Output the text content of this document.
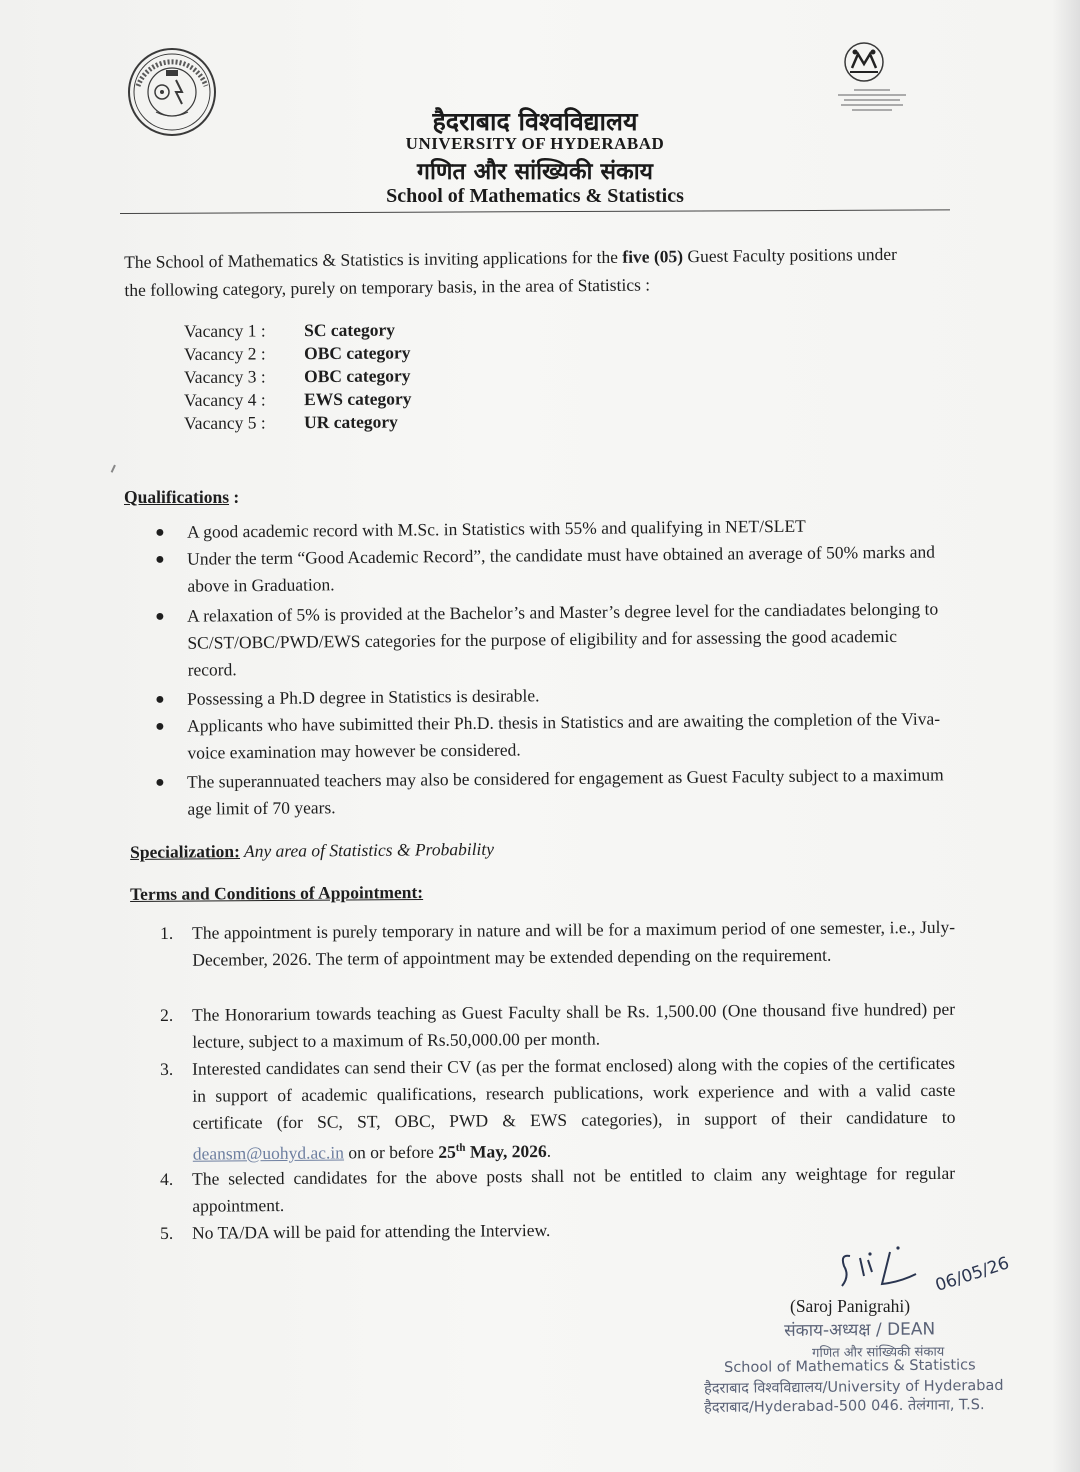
हैदराबाद विश्वविद्यालय
UNIVERSITY OF HYDERABAD
गणित और सांख्यिकी संकाय
School of Mathematics & Statistics
The School of Mathematics & Statistics is inviting applications for the five (05) Guest Faculty positions under the following category, purely on temporary basis, in the area of Statistics :
Vacancy 1 : SC category
Vacancy 2 : OBC category
Vacancy 3 : OBC category
Vacancy 4 : EWS category
Vacancy 5 : UR category
Qualifications :
● A good academic record with M.Sc. in Statistics with 55% and qualifying in NET/SLET
● Under the term “Good Academic Record”, the candidate must have obtained an average of 50% marks and above in Graduation.
● A relaxation of 5% is provided at the Bachelor’s and Master’s degree level for the candiadates belonging to SC/ST/OBC/PWD/EWS categories for the purpose of eligibility and for assessing the good academic record.
● Possessing a Ph.D degree in Statistics is desirable.
● Applicants who have subimitted their Ph.D. thesis in Statistics and are awaiting the completion of the Viva-voice examination may however be considered.
● The superannuated teachers may also be considered for engagement as Guest Faculty subject to a maximum age limit of 70 years.
Specialization: Any area of Statistics & Probability
Terms and Conditions of Appointment:
1. The appointment is purely temporary in nature and will be for a maximum period of one semester, i.e., July-December, 2026. The term of appointment may be extended depending on the requirement.
2. The Honorarium towards teaching as Guest Faculty shall be Rs. 1,500.00 (One thousand five hundred) per lecture, subject to a maximum of Rs.50,000.00 per month.
3. Interested candidates can send their CV (as per the format enclosed) along with the copies of the certificates in support of academic qualifications, research publications, work experience and with a valid caste certificate (for SC, ST, OBC, PWD & EWS categories), in support of their candidature to deansm@uohyd.ac.in on or before 25th May, 2026.
4. The selected candidates for the above posts shall not be entitled to claim any weightage for regular appointment.
5. No TA/DA will be paid for attending the Interview.
06/05/26
(Saroj Panigrahi)
संकाय-अध्यक्ष / DEAN
गणित और सांख्यिकी संकाय
School of Mathematics & Statistics
हैदराबाद विश्वविद्यालय/University of Hyderabad
हैदराबाद/Hyderabad-500 046. तेलंगाना, T.S.
